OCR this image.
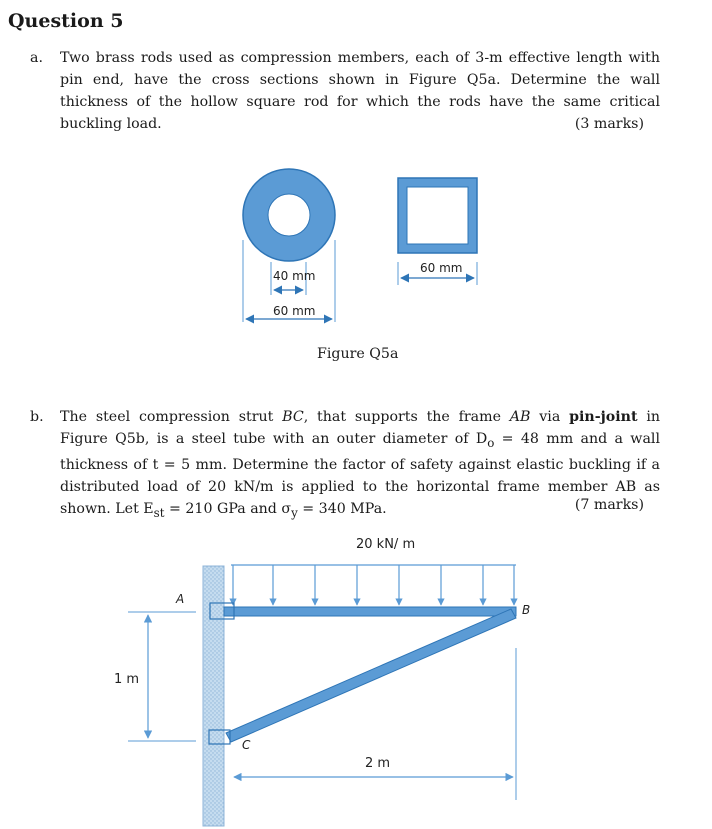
Question 5
a. Two brass rods used as compression members, each of 3-m effective length with pin end, have the cross sections shown in Figure Q5a. Determine the wall thickness of the hollow square rod for which the rods have the same critical buckling load.	(3 marks)
40 mm
60 mm
60 mm
Figure Q5a
b. The steel compression strut BC, that supports the frame AB via pin-joint in Figure Q5b, is a steel tube with an outer diameter of $D_o = 48$ mm and a wall thickness of t = 5 mm. Determine the factor of safety against elastic buckling if a distributed load of 20 kN/m is applied to the horizontal frame member AB as shown. Let $E_{st} = 210$ GPa and $\sigma_y = 340$ MPa.	(7 marks)
20 kN/ m
A
B
C
1 m
2 m
